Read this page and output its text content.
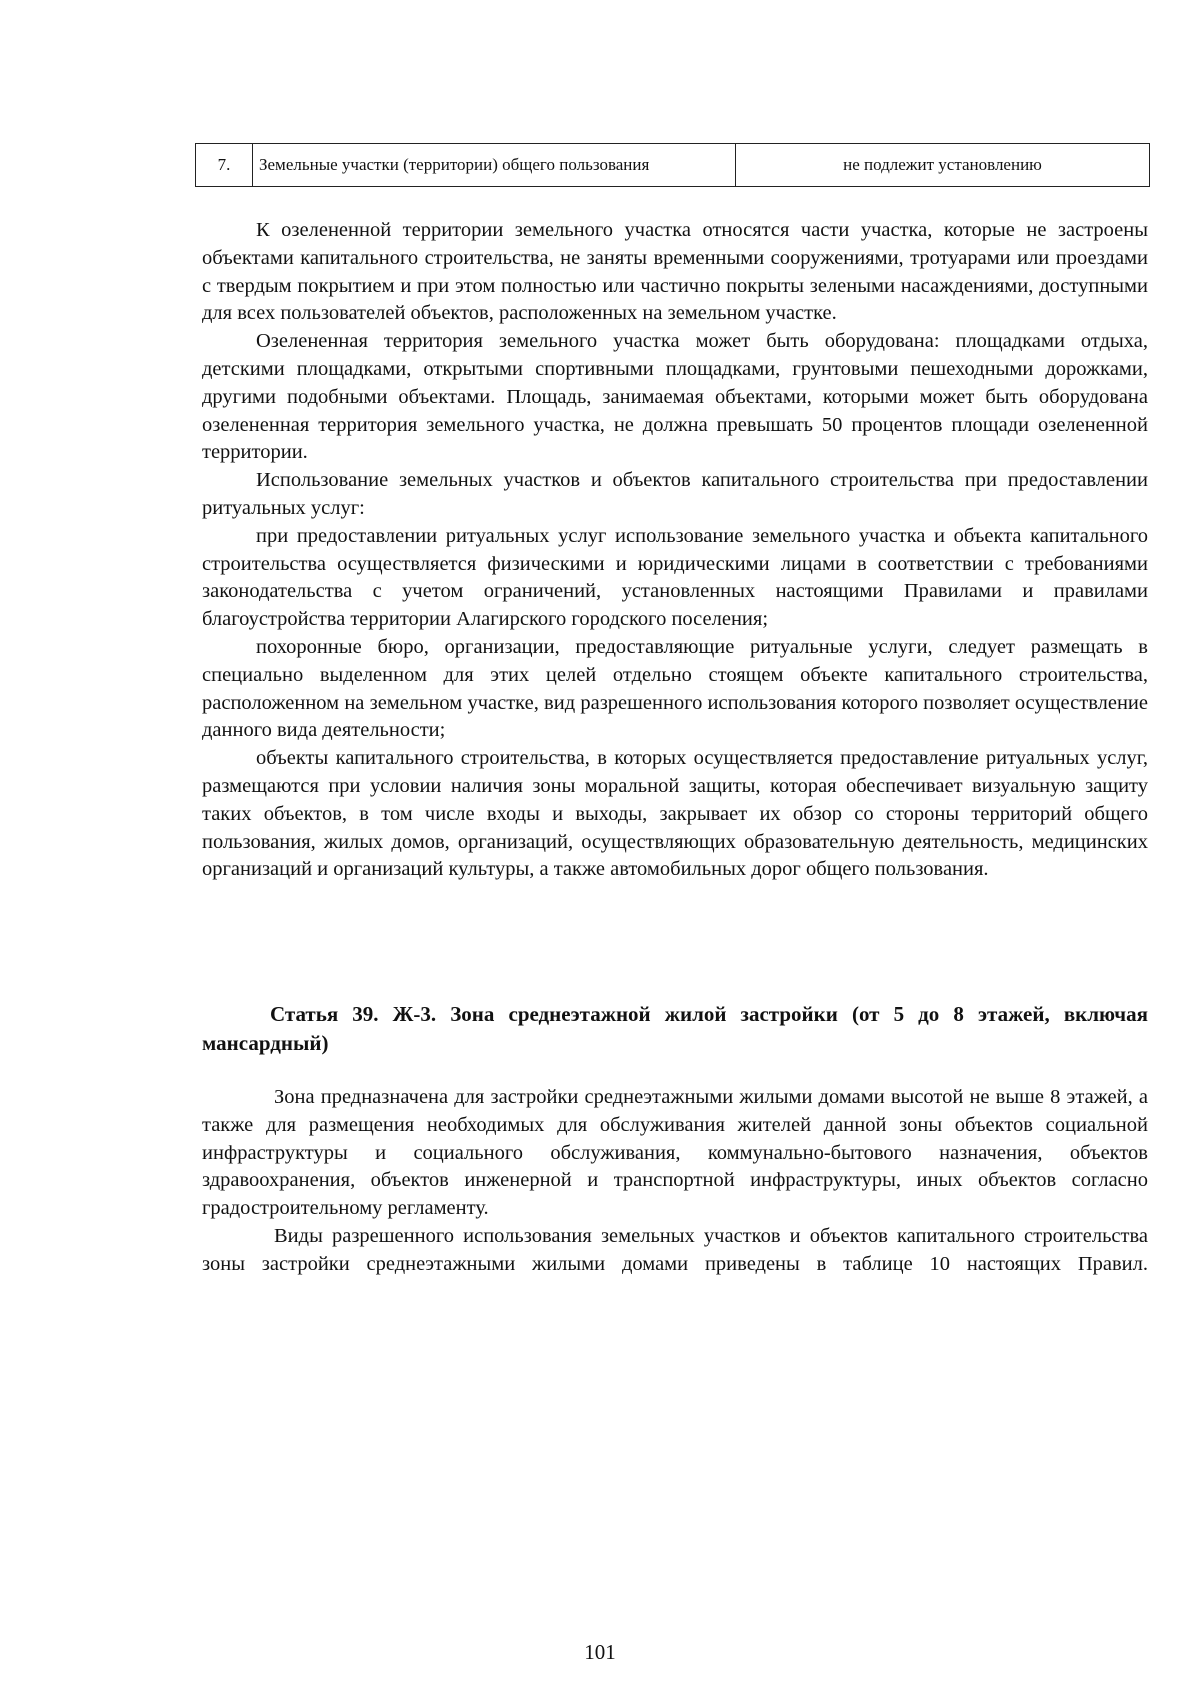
7.	Земельные участки (территории) общего пользования	не подлежит установлению

К озелененной территории земельного участка относятся части участка, которые не застроены объектами капитального строительства, не заняты временными сооружениями, тротуарами или проездами с твердым покрытием и при этом полностью или частично покрыты зелеными насаждениями, доступными для всех пользователей объектов, расположенных на земельном участке.

Озелененная территория земельного участка может быть оборудована: площадками отдыха, детскими площадками, открытыми спортивными площадками, грунтовыми пешеходными дорожками, другими подобными объектами. Площадь, занимаемая объектами, которыми может быть оборудована озелененная территория земельного участка, не должна превышать 50 процентов площади озелененной территории.

Использование земельных участков и объектов капитального строительства при предоставлении ритуальных услуг:

при предоставлении ритуальных услуг использование земельного участка и объекта капитального строительства осуществляется физическими и юридическими лицами в соответствии с требованиями законодательства с учетом ограничений, установленных настоящими Правилами и правилами благоустройства территории Алагирского городского поселения;

похоронные бюро, организации, предоставляющие ритуальные услуги, следует размещать в специально выделенном для этих целей отдельно стоящем объекте капитального строительства, расположенном на земельном участке, вид разрешенного использования которого позволяет осуществление данного вида деятельности;

объекты капитального строительства, в которых осуществляется предоставление ритуальных услуг, размещаются при условии наличия зоны моральной защиты, которая обеспечивает визуальную защиту таких объектов, в том числе входы и выходы, закрывает их обзор со стороны территорий общего пользования, жилых домов, организаций, осуществляющих образовательную деятельность, медицинских организаций и организаций культуры, а также автомобильных дорог общего пользования.

Статья 39. Ж-3. Зона среднеэтажной жилой застройки (от 5 до 8 этажей, включая мансардный)

Зона предназначена для застройки среднеэтажными жилыми домами высотой не выше 8 этажей, а также для размещения необходимых для обслуживания жителей данной зоны объектов социальной инфраструктуры и социального обслуживания, коммунально-бытового назначения, объектов здравоохранения, объектов инженерной и транспортной инфраструктуры, иных объектов согласно градостроительному регламенту.

Виды разрешенного использования земельных участков и объектов капитального строительства зоны застройки среднеэтажными жилыми домами приведены в таблице 10 настоящих Правил.

101
